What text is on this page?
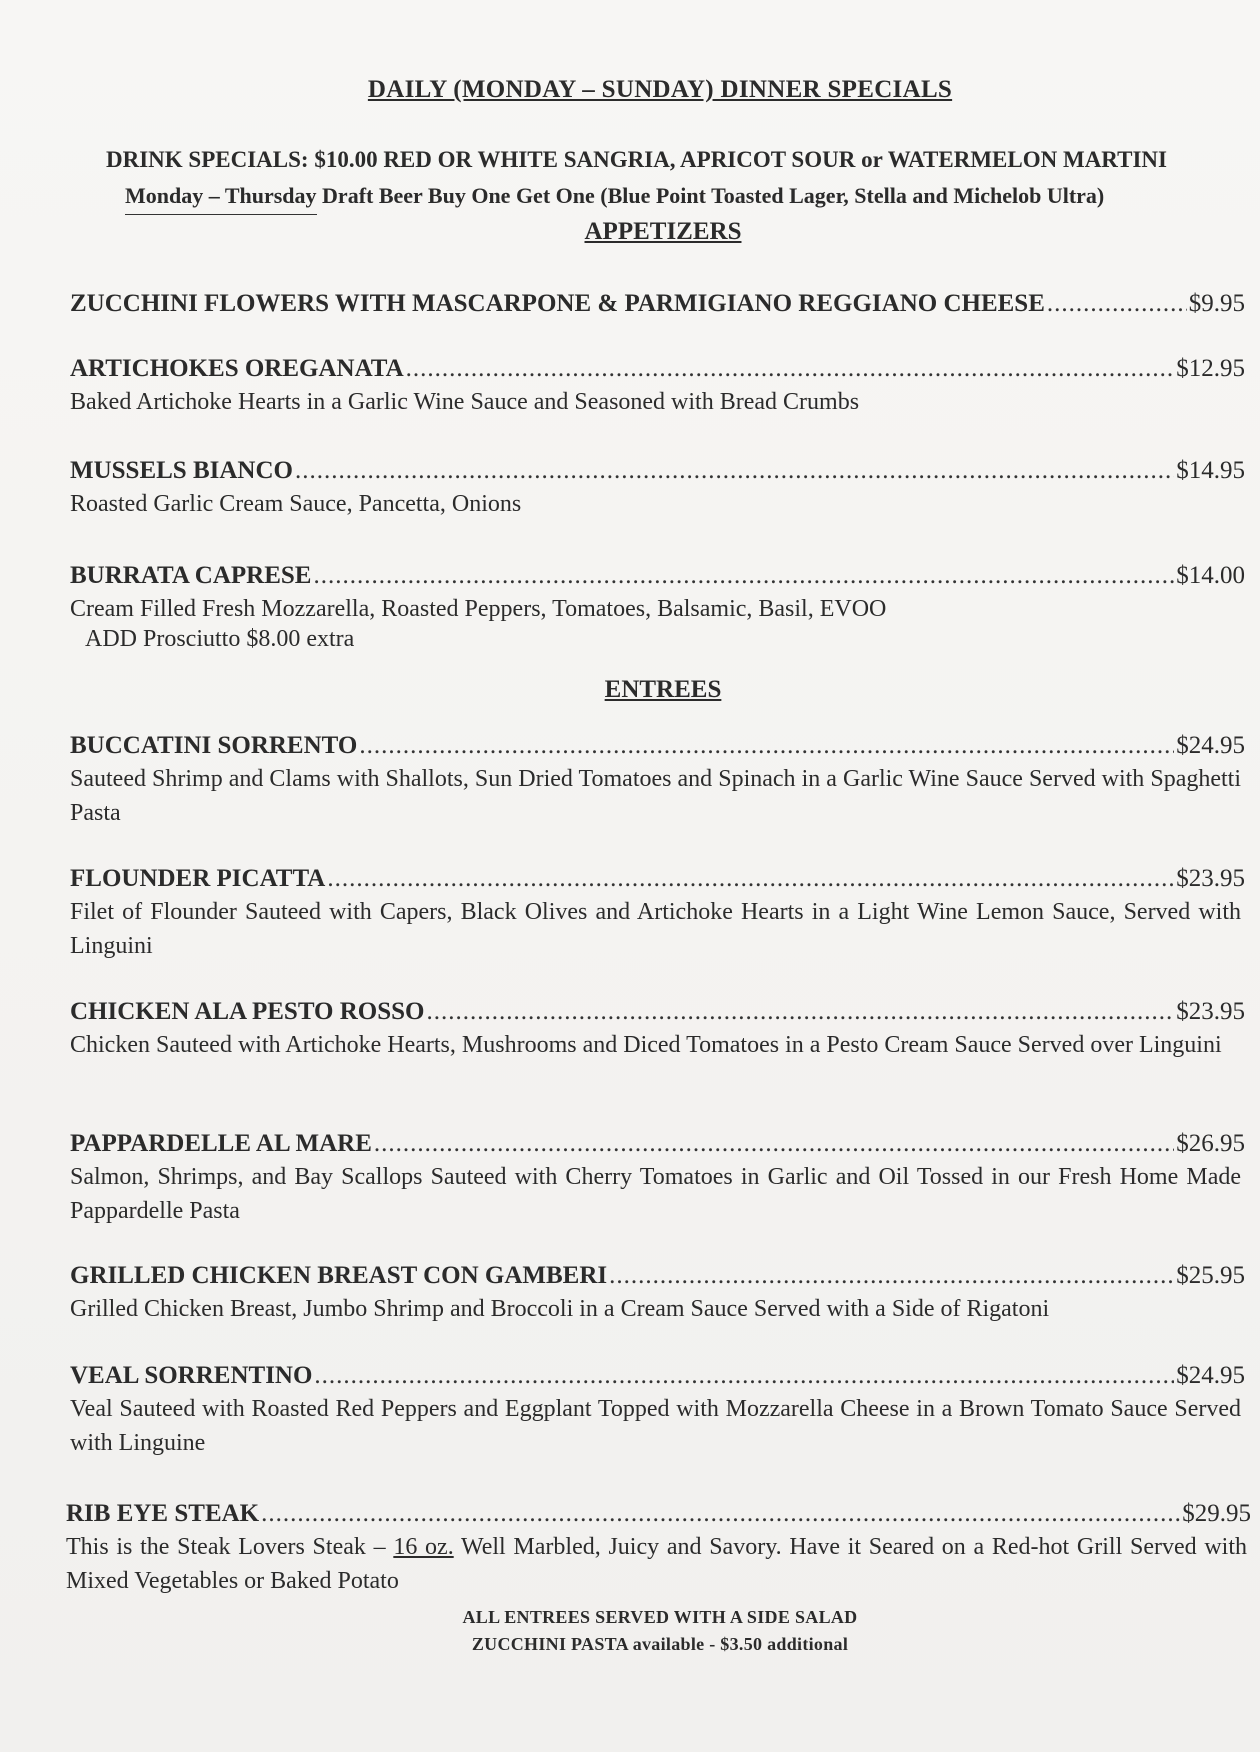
DAILY (MONDAY – SUNDAY) DINNER SPECIALS
DRINK SPECIALS: $10.00 RED OR WHITE SANGRIA, APRICOT SOUR or WATERMELON MARTINI
Monday – Thursday Draft Beer Buy One Get One (Blue Point Toasted Lager, Stella and Michelob Ultra)
APPETIZERS
ZUCCHINI FLOWERS WITH MASCARPONE & PARMIGIANO REGGIANO CHEESE .....	$9.95
ARTICHOKES OREGANATA .....	$12.95
Baked Artichoke Hearts in a Garlic Wine Sauce and Seasoned with Bread Crumbs
MUSSELS BIANCO .....	$14.95
Roasted Garlic Cream Sauce, Pancetta, Onions
BURRATA CAPRESE .....	$14.00
Cream Filled Fresh Mozzarella, Roasted Peppers, Tomatoes, Balsamic, Basil, EVOO
ADD Prosciutto $8.00 extra
ENTREES
BUCCATINI SORRENTO .....	$24.95
Sauteed Shrimp and Clams with Shallots, Sun Dried Tomatoes and Spinach in a Garlic Wine Sauce Served with Spaghetti Pasta
FLOUNDER PICATTA .....	$23.95
Filet of Flounder Sauteed with Capers, Black Olives and Artichoke Hearts in a Light Wine Lemon Sauce, Served with Linguini
CHICKEN ALA PESTO ROSSO .....	$23.95
Chicken Sauteed with Artichoke Hearts, Mushrooms and Diced Tomatoes in a Pesto Cream Sauce Served over Linguini
PAPPARDELLE AL MARE .....	$26.95
Salmon, Shrimps, and Bay Scallops Sauteed with Cherry Tomatoes in Garlic and Oil Tossed in our Fresh Home Made Pappardelle Pasta
GRILLED CHICKEN BREAST CON GAMBERI .....	$25.95
Grilled Chicken Breast, Jumbo Shrimp and Broccoli in a Cream Sauce Served with a Side of Rigatoni
VEAL SORRENTINO .....	$24.95
Veal Sauteed with Roasted Red Peppers and Eggplant Topped with Mozzarella Cheese in a Brown Tomato Sauce Served with Linguine
RIB EYE STEAK .....	$29.95
This is the Steak Lovers Steak – 16 oz. Well Marbled, Juicy and Savory. Have it Seared on a Red-hot Grill Served with Mixed Vegetables or Baked Potato
ALL ENTREES SERVED WITH A SIDE SALAD
ZUCCHINI PASTA available - $3.50 additional
